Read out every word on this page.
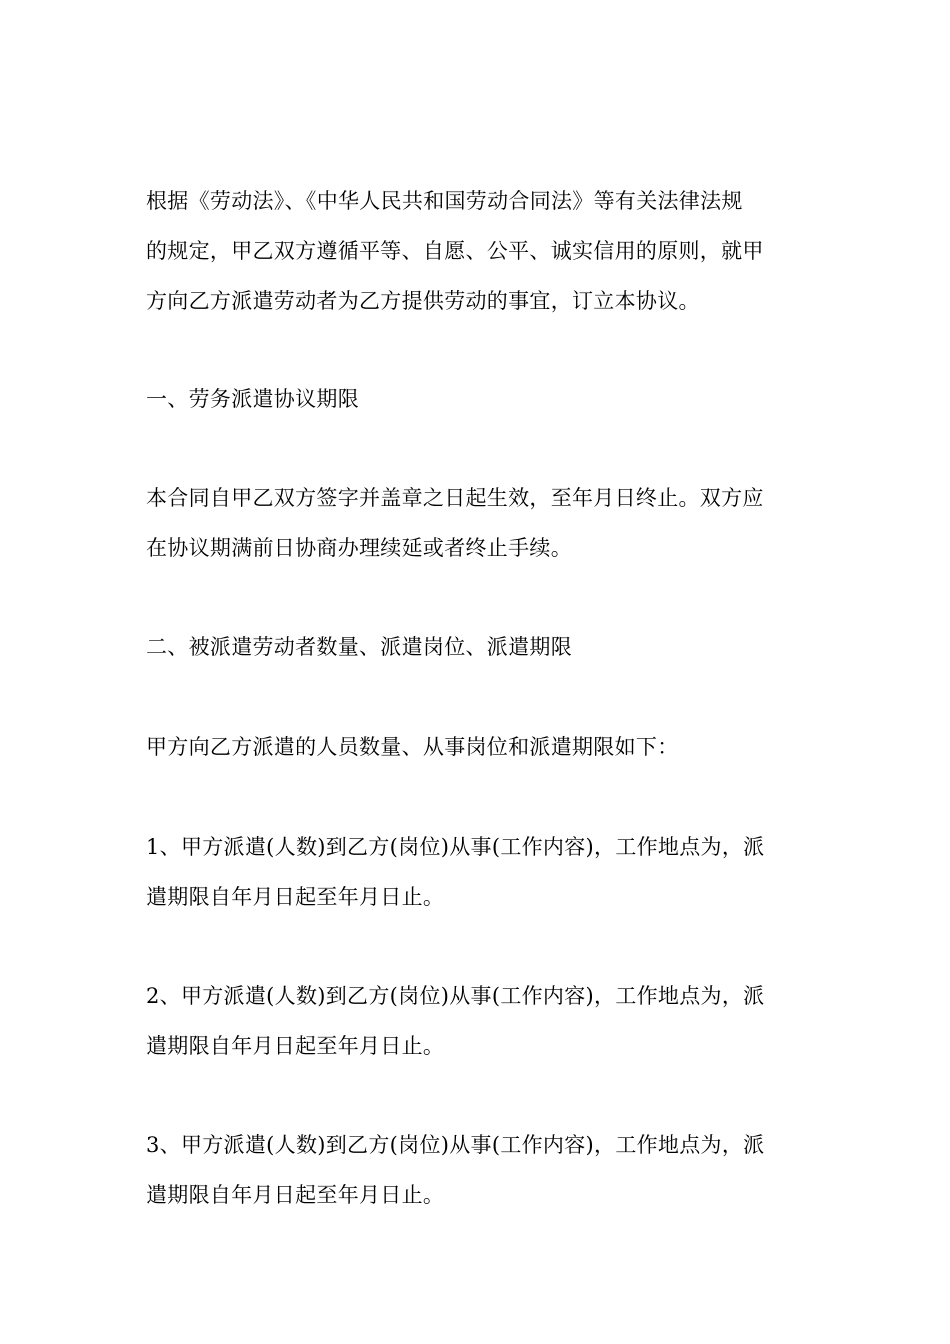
根据《劳动法》、《中华人民共和国劳动合同法》等有关法律法规
的规定，甲乙双方遵循平等、自愿、公平、诚实信用的原则，就甲
方向乙方派遣劳动者为乙方提供劳动的事宜，订立本协议。

一、劳务派遣协议期限

本合同自甲乙双方签字并盖章之日起生效，至年月日终止。双方应
在协议期满前日协商办理续延或者终止手续。

二、被派遣劳动者数量、派遣岗位、派遣期限

甲方向乙方派遣的人员数量、从事岗位和派遣期限如下：

1、甲方派遣(人数)到乙方(岗位)从事(工作内容)，工作地点为，派
遣期限自年月日起至年月日止。

2、甲方派遣(人数)到乙方(岗位)从事(工作内容)，工作地点为，派
遣期限自年月日起至年月日止。

3、甲方派遣(人数)到乙方(岗位)从事(工作内容)，工作地点为，派
遣期限自年月日起至年月日止。
